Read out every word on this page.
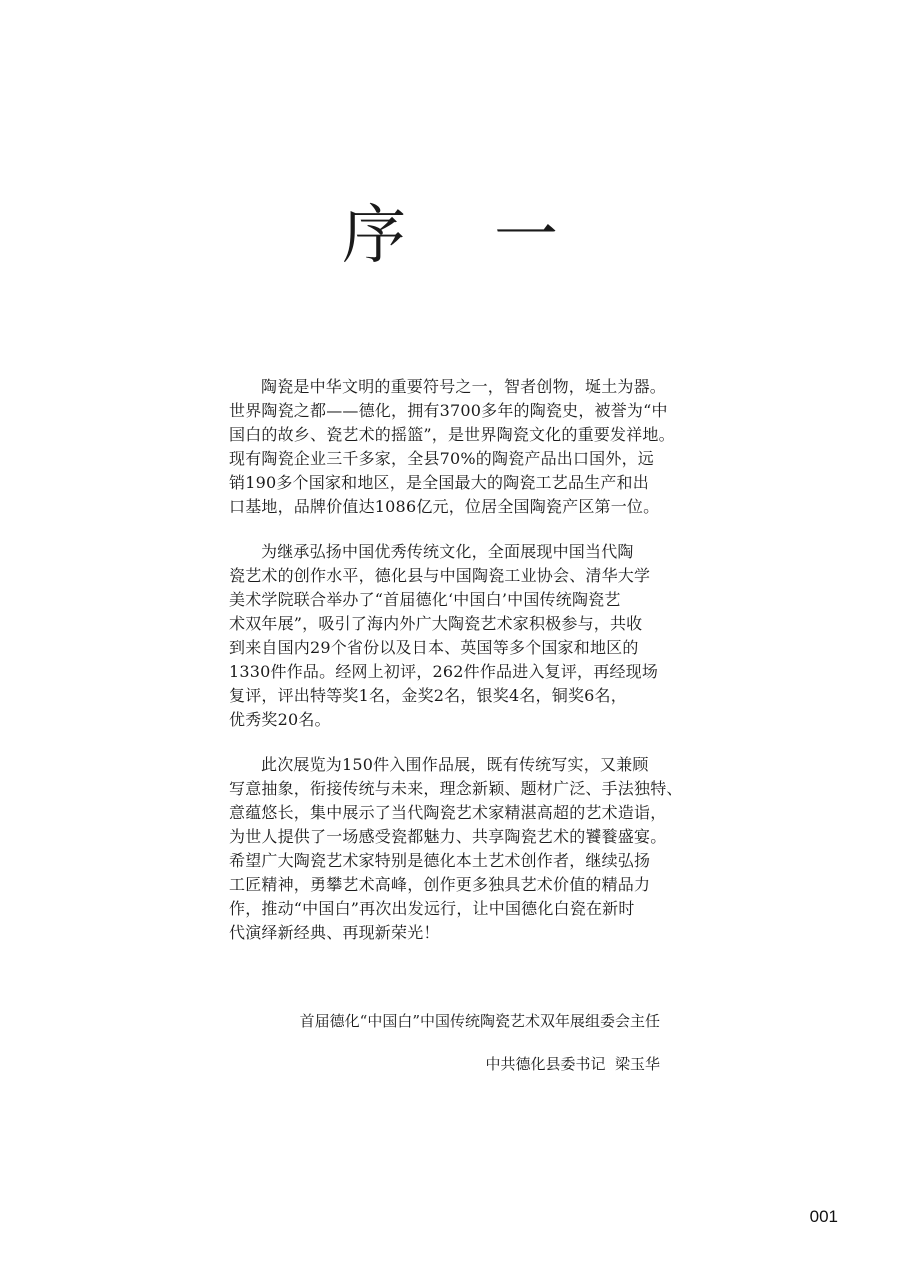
序 一

陶瓷是中华文明的重要符号之一，智者创物，埏土为器。
世界陶瓷之都——德化，拥有3700多年的陶瓷史，被誉为“中
国白的故乡、瓷艺术的摇篮”，是世界陶瓷文化的重要发祥地。
现有陶瓷企业三千多家，全县70%的陶瓷产品出口国外，远
销190多个国家和地区，是全国最大的陶瓷工艺品生产和出
口基地，品牌价值达1086亿元，位居全国陶瓷产区第一位。

为继承弘扬中国优秀传统文化，全面展现中国当代陶
瓷艺术的创作水平，德化县与中国陶瓷工业协会、清华大学
美术学院联合举办了“首届德化‘中国白’中国传统陶瓷艺
术双年展”，吸引了海内外广大陶瓷艺术家积极参与，共收
到来自国内29个省份以及日本、英国等多个国家和地区的
1330件作品。经网上初评，262件作品进入复评，再经现场
复评，评出特等奖1名，金奖2名，银奖4名，铜奖6名，
优秀奖20名。

此次展览为150件入围作品展，既有传统写实，又兼顾
写意抽象，衔接传统与未来，理念新颖、题材广泛、手法独特、
意蕴悠长，集中展示了当代陶瓷艺术家精湛高超的艺术造诣，
为世人提供了一场感受瓷都魅力、共享陶瓷艺术的饕餮盛宴。
希望广大陶瓷艺术家特别是德化本土艺术创作者，继续弘扬
工匠精神，勇攀艺术高峰，创作更多独具艺术价值的精品力
作，推动“中国白”再次出发远行，让中国德化白瓷在新时
代演绎新经典、再现新荣光！

首届德化“中国白”中国传统陶瓷艺术双年展组委会主任
中共德化县委书记  梁玉华
001
